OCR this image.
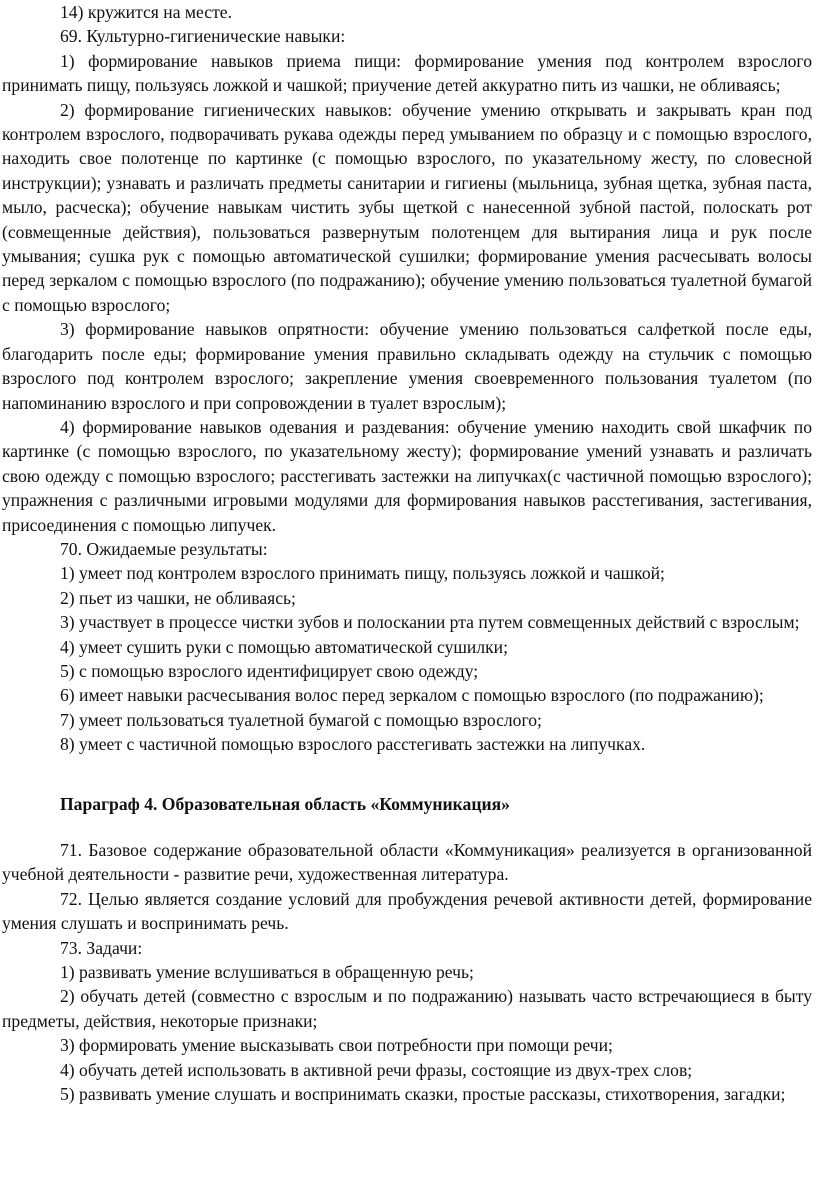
14) кружится на месте.

69. Культурно-гигиенические навыки:

1) формирование навыков приема пищи: формирование умения под контролем взрослого принимать пищу, пользуясь ложкой и чашкой; приучение детей аккуратно пить из чашки, не обливаясь;

2) формирование гигиенических навыков: обучение умению открывать и закрывать кран под контролем взрослого, подворачивать рукава одежды перед умыванием по образцу и с помощью взрослого, находить свое полотенце по картинке (с помощью взрослого, по указательному жесту, по словесной инструкции); узнавать и различать предметы санитарии и гигиены (мыльница, зубная щетка, зубная паста, мыло, расческа); обучение навыкам чистить зубы щеткой с нанесенной зубной пастой, полоскать рот (совмещенные действия), пользоваться развернутым полотенцем для вытирания лица и рук после умывания; сушка рук с помощью автоматической сушилки; формирование умения расчесывать волосы перед зеркалом с помощью взрослого (по подражанию); обучение умению пользоваться туалетной бумагой с помощью взрослого;

3) формирование навыков опрятности: обучение умению пользоваться салфеткой после еды, благодарить после еды; формирование умения правильно складывать одежду на стульчик с помощью взрослого под контролем взрослого; закрепление умения своевременного пользования туалетом (по напоминанию взрослого и при сопровождении в туалет взрослым);

4) формирование навыков одевания и раздевания: обучение умению находить свой шкафчик по картинке (с помощью взрослого, по указательному жесту); формирование умений узнавать и различать свою одежду с помощью взрослого; расстегивать застежки на липучках(с частичной помощью взрослого); упражнения с различными игровыми модулями для формирования навыков расстегивания, застегивания, присоединения с помощью липучек.

70. Ожидаемые результаты:

1) умеет под контролем взрослого принимать пищу, пользуясь ложкой и чашкой;

2) пьет из чашки, не обливаясь;

3) участвует в процессе чистки зубов и полоскании рта путем совмещенных действий с взрослым;

4) умеет сушить руки с помощью автоматической сушилки;

5) с помощью взрослого идентифицирует свою одежду;

6) имеет навыки расчесывания волос перед зеркалом с помощью взрослого (по подражанию);

7) умеет пользоваться туалетной бумагой с помощью взрослого;

8) умеет с частичной помощью взрослого расстегивать застежки на липучках.

Параграф 4. Образовательная область «Коммуникация»

71. Базовое содержание образовательной области «Коммуникация» реализуется в организованной учебной деятельности - развитие речи, художественная литература.

72. Целью является создание условий для пробуждения речевой активности детей, формирование умения слушать и воспринимать речь.

73. Задачи:

1) развивать умение вслушиваться в обращенную речь;

2) обучать детей (совместно с взрослым и по подражанию) называть часто встречающиеся в быту предметы, действия, некоторые признаки;

3) формировать умение высказывать свои потребности при помощи речи;

4) обучать детей использовать в активной речи фразы, состоящие из двух-трех слов;

5) развивать умение слушать и воспринимать сказки, простые рассказы, стихотворения, загадки;
